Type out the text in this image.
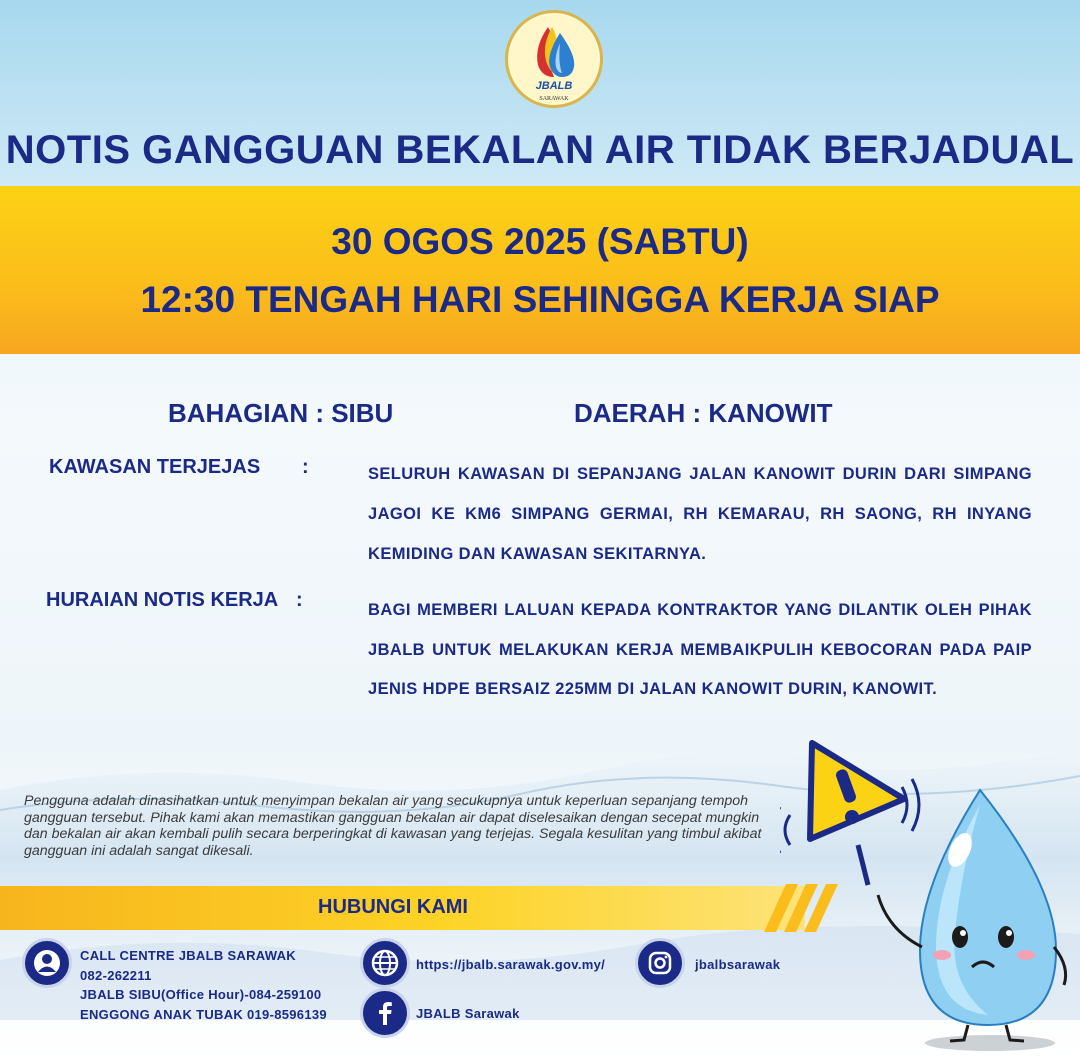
JBALB
SARAWAK
NOTIS GANGGUAN BEKALAN AIR TIDAK BERJADUAL
30 OGOS 2025 (SABTU)
12:30 TENGAH HARI SEHINGGA KERJA SIAP
BAHAGIAN : SIBU	DAERAH : KANOWIT
KAWASAN TERJEJAS :	SELURUH KAWASAN DI SEPANJANG JALAN KANOWIT DURIN DARI SIMPANG JAGOI KE KM6 SIMPANG GERMAI, RH KEMARAU, RH SAONG, RH INYANG KEMIDING DAN KAWASAN SEKITARNYA.
HURAIAN NOTIS KERJA :	BAGI MEMBERI LALUAN KEPADA KONTRAKTOR YANG DILANTIK OLEH PIHAK JBALB UNTUK MELAKUKAN KERJA MEMBAIKPULIH KEBOCORAN PADA PAIP JENIS HDPE BERSAIZ 225MM DI JALAN KANOWIT DURIN, KANOWIT.
Pengguna adalah dinasihatkan untuk menyimpan bekalan air yang secukupnya untuk keperluan sepanjang tempoh gangguan tersebut. Pihak kami akan memastikan gangguan bekalan air dapat diselesaikan dengan secepat mungkin dan bekalan air akan kembali pulih secara berperingkat di kawasan yang terjejas. Segala kesulitan yang timbul akibat gangguan ini adalah sangat dikesali.
HUBUNGI KAMI
CALL CENTRE JBALB SARAWAK
082-262211
JBALB SIBU(Office Hour)-084-259100
ENGGONG ANAK TUBAK 019-8596139
https://jbalb.sarawak.gov.my/
JBALB Sarawak
jbalbsarawak
